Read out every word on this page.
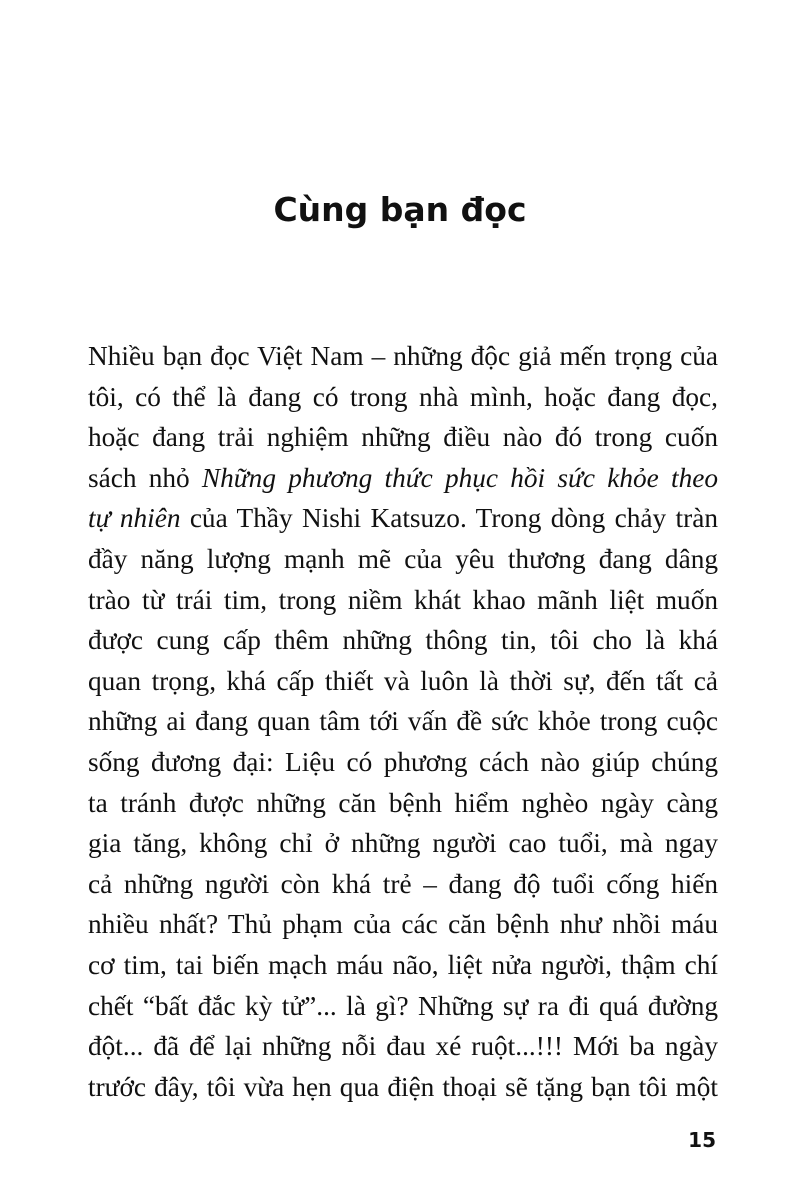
Cùng bạn đọc
Nhiều bạn đọc Việt Nam – những độc giả mến trọng của
tôi, có thể là đang có trong nhà mình, hoặc đang đọc,
hoặc đang trải nghiệm những điều nào đó trong cuốn
sách nhỏ Những phương thức phục hồi sức khỏe theo
tự nhiên của Thầy Nishi Katsuzo. Trong dòng chảy tràn
đầy năng lượng mạnh mẽ của yêu thương đang dâng
trào từ trái tim, trong niềm khát khao mãnh liệt muốn
được cung cấp thêm những thông tin, tôi cho là khá
quan trọng, khá cấp thiết và luôn là thời sự, đến tất cả
những ai đang quan tâm tới vấn đề sức khỏe trong cuộc
sống đương đại: Liệu có phương cách nào giúp chúng
ta tránh được những căn bệnh hiểm nghèo ngày càng
gia tăng, không chỉ ở những người cao tuổi, mà ngay
cả những người còn khá trẻ – đang độ tuổi cống hiến
nhiều nhất? Thủ phạm của các căn bệnh như nhồi máu
cơ tim, tai biến mạch máu não, liệt nửa người, thậm chí
chết “bất đắc kỳ tử”... là gì? Những sự ra đi quá đường
đột... đã để lại những nỗi đau xé ruột...!!! Mới ba ngày
trước đây, tôi vừa hẹn qua điện thoại sẽ tặng bạn tôi một
15
